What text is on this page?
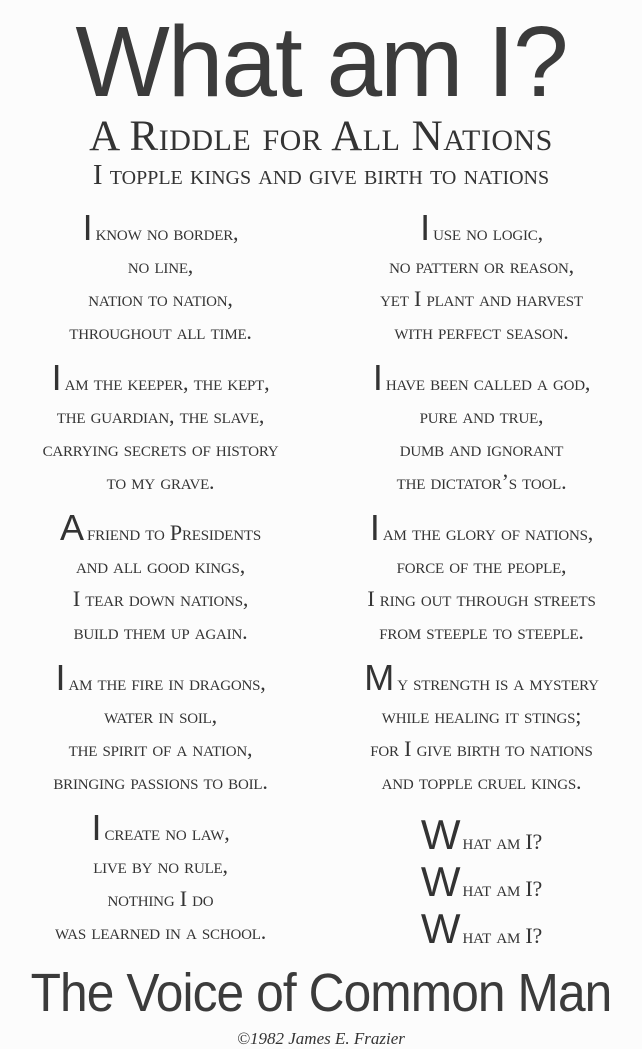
What am I?
A Riddle for All Nations
I topple kings and give birth to nations
Iknow no border,
no line,
nation to nation,
throughout all time.
Iam the keeper, the kept,
the guardian, the slave,
carrying secrets of history
to my grave.
Afriend to Presidents
and all good kings,
I tear down nations,
build them up again.
Iam the fire in dragons,
water in soil,
the spirit of a nation,
bringing passions to boil.
Icreate no law,
live by no rule,
nothing I do
was learned in a school.
Iuse no logic,
no pattern or reason,
yet I plant and harvest
with perfect season.
Ihave been called a god,
pure and true,
dumb and ignorant
the dictator’s tool.
Iam the glory of nations,
force of the people,
I ring out through streets
from steeple to steeple.
My strength is a mystery
while healing it stings;
for I give birth to nations
and topple cruel kings.
What am I?
What am I?
What am I?
The Voice of Common Man
©1982 James E. Frazier
